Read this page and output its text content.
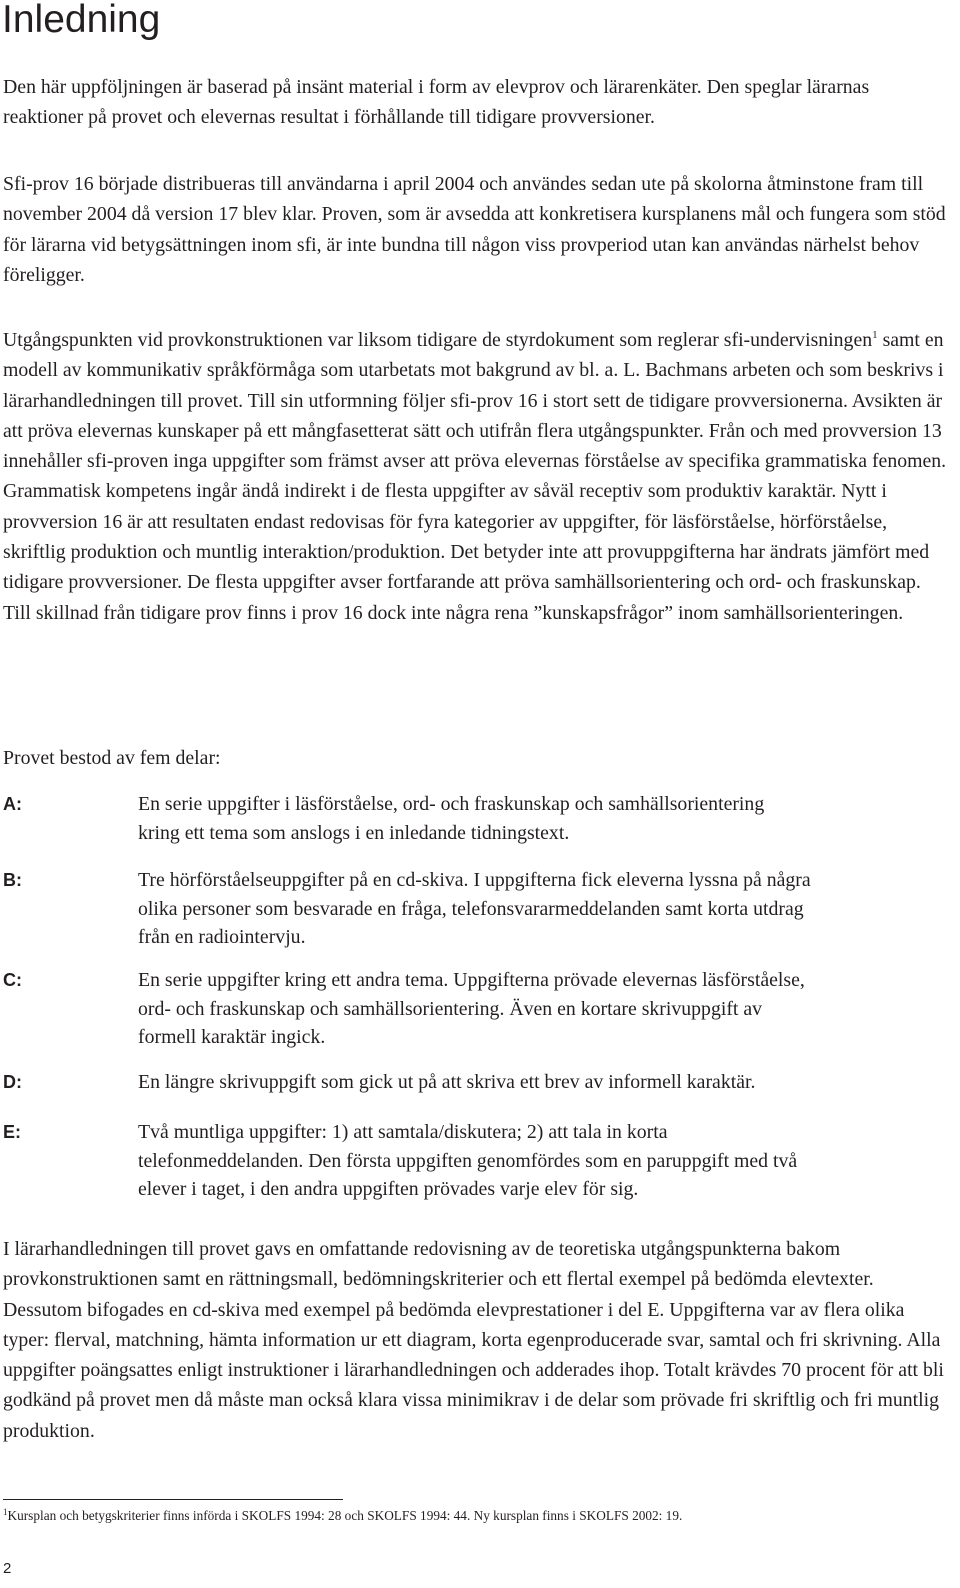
Inledning

Den här uppföljningen är baserad på insänt material i form av elevprov och lärarenkäter. Den speglar lärarnas reaktioner på provet och elevernas resultat i förhållande till tidigare provversioner.

Sfi-prov 16 började distribueras till användarna i april 2004 och användes sedan ute på skolorna åtminstone fram till november 2004 då version 17 blev klar. Proven, som är avsedda att konkretisera kursplanens mål och fungera som stöd för lärarna vid betygsättningen inom sfi, är inte bundna till någon viss provperiod utan kan användas närhelst behov föreligger.

Utgångspunkten vid provkonstruktionen var liksom tidigare de styrdokument som reglerar sfi-undervisningen$^1$ samt en modell av kommunikativ språkförmåga som utarbetats mot bakgrund av bl. a. L. Bachmans arbeten och som beskrivs i lärarhandledningen till provet. Till sin utformning följer sfi-prov 16 i stort sett de tidigare provversionerna. Avsikten är att pröva elevernas kunskaper på ett mångfasetterat sätt och utifrån flera utgångspunkter. Från och med provversion 13 innehåller sfi-proven inga uppgifter som främst avser att pröva elevernas förståelse av specifika grammatiska fenomen. Grammatisk kompetens ingår ändå indirekt i de flesta uppgifter av såväl receptiv som produktiv karaktär. Nytt i provversion 16 är att resultaten endast redovisas för fyra kategorier av uppgifter, för läsförståelse, hörförståelse, skriftlig produktion och muntlig interaktion/produktion. Det betyder inte att provuppgifterna har ändrats jämfört med tidigare provversioner. De flesta uppgifter avser fortfarande att pröva samhällsorientering och ord- och fraskunskap. Till skillnad från tidigare prov finns i prov 16 dock inte några rena ”kunskapsfrågor” inom samhällsorienteringen.

Provet bestod av fem delar:

A:	En serie uppgifter i läsförståelse, ord- och fraskunskap och samhällsorientering
kring ett tema som anslogs i en inledande tidningstext.

B:	Tre hörförståelseuppgifter på en cd-skiva. I uppgifterna fick eleverna lyssna på några
olika personer som besvarade en fråga, telefonsvararmeddelanden samt korta utdrag
från en radiointervju.

C:	En serie uppgifter kring ett andra tema. Uppgifterna prövade elevernas läsförståelse,
ord- och fraskunskap och samhällsorientering. Även en kortare skrivuppgift av
formell karaktär ingick.

D:	En längre skrivuppgift som gick ut på att skriva ett brev av informell karaktär.

E:	Två muntliga uppgifter: 1) att samtala/diskutera; 2) att tala in korta
telefonmeddelanden. Den första uppgiften genomfördes som en paruppgift med två
elever i taget, i den andra uppgiften prövades varje elev för sig.

I lärarhandledningen till provet gavs en omfattande redovisning av de teoretiska utgångspunkterna bakom provkonstruktionen samt en rättningsmall, bedömningskriterier och ett flertal exempel på bedömda elevtexter. Dessutom bifogades en cd-skiva med exempel på bedömda elevprestationer i del E. Uppgifterna var av flera olika typer: flerval, matchning, hämta information ur ett diagram, korta egenproducerade svar, samtal och fri skrivning. Alla uppgifter poängsattes enligt instruktioner i lärarhandledningen och adderades ihop. Totalt krävdes 70 procent för att bli godkänd på provet men då måste man också klara vissa minimikrav i de delar som prövade fri skriftlig och fri muntlig produktion.

$^1$Kursplan och betygskriterier finns införda i SKOLFS 1994: 28 och SKOLFS 1994: 44. Ny kursplan finns i SKOLFS 2002: 19.

2
